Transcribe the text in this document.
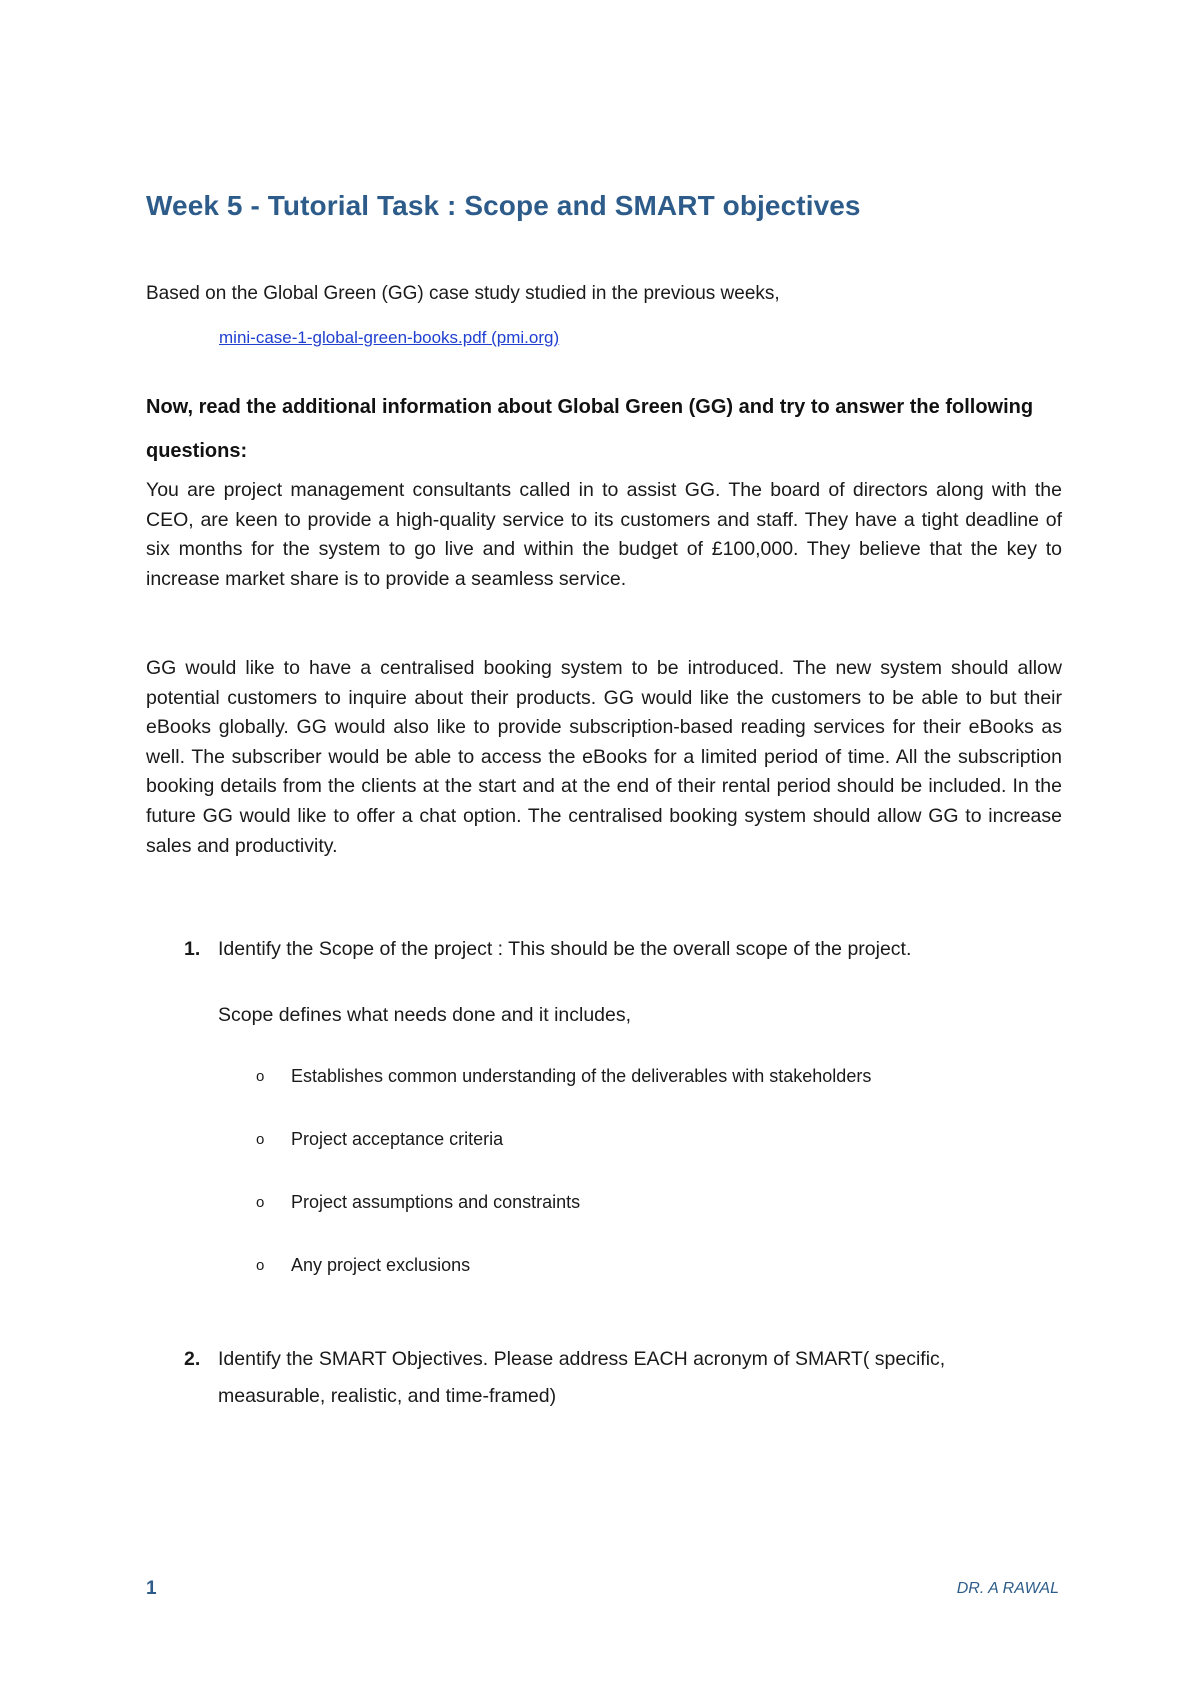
Week 5 - Tutorial Task : Scope and SMART objectives

Based on the Global Green (GG) case study studied in the previous weeks,

mini-case-1-global-green-books.pdf (pmi.org)
Now, read the additional information about Global Green (GG) and try to answer the following questions:

You are project management consultants called in to assist GG. The board of directors along with the CEO, are keen to provide a high-quality service to its customers and staff. They have a tight deadline of six months for the system to go live and within the budget of £100,000. They believe that the key to increase market share is to provide a seamless service.

GG would like to have a centralised booking system to be introduced. The new system should allow potential customers to inquire about their products. GG would like the customers to be able to but their eBooks globally. GG would also like to provide subscription-based reading services for their eBooks as well. The subscriber would be able to access the eBooks for a limited period of time. All the subscription booking details from the clients at the start and at the end of their rental period should be included. In the future GG would like to offer a chat option. The centralised booking system should allow GG to increase sales and productivity.

1. Identify the Scope of the project : This should be the overall scope of the project.
Scope defines what needs done and it includes,
o	Establishes common understanding of the deliverables with stakeholders
o	Project acceptance criteria
o	Project assumptions and constraints
o	Any project exclusions
2. Identify the SMART Objectives. Please address EACH acronym of SMART( specific,
measurable, realistic, and time-framed)
1	DR. A RAWAL
